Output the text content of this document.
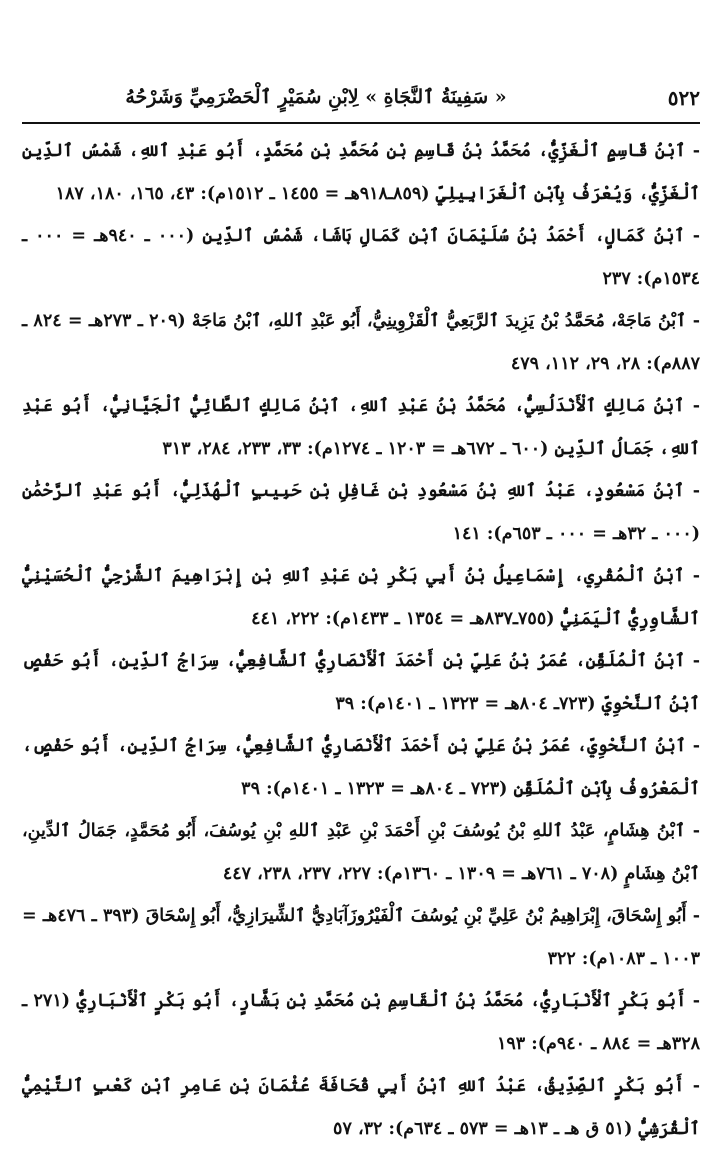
٥٢٢
« سَفِينَةُ ٱلنَّجَاةِ » لِابْنِ سُمَيْرٍ ٱلْحَضْرَمِيِّ وَشَرْحُهُ

- ٱبْنُ قَاسِمٍ ٱلْغَزِّيُّ، مُحَمَّدُ بْنُ قَاسِمِ بْنِ مُحَمَّدِ بْنِ مُحَمَّدٍ، أَبُو عَبْدِ ٱللهِ، شَمْسُ ٱلدِّينِ ٱلْغَزِّيُّ، وَيُعْرَفُ بِٱبْنِ ٱلْغَرَابِيلِيِّ (٨٥٩ـ٩١٨هـ = ١٤٥٥ ـ ١٥١٢م): ٤٣، ١٦٥، ١٨٠، ١٨٧

- ٱبْنُ كَمَالٍ، أَحْمَدُ بْنُ سُلَيْمَانَ ٱبْنِ كَمَالِ بَاشَا، شَمْسُ ٱلدِّينِ (٠٠٠ ـ ٩٤٠هـ = ٠٠٠ ـ ١٥٣٤م): ٢٣٧

- ٱبْنُ مَاجَهْ، مُحَمَّدُ بْنُ يَزِيدَ ٱلرَّبَعِيُّ ٱلْقَزْوِينِيُّ، أَبُو عَبْدِ ٱللهِ، ٱبْنُ مَاجَهْ (٢٠٩ ـ ٢٧٣هـ = ٨٢٤ ـ ٨٨٧م): ٢٨، ٢٩، ١١٢، ٤٧٩

- ٱبْنُ مَالِكٍ ٱلْأَنْدَلُسِيُّ، مُحَمَّدُ بْنُ عَبْدِ ٱللهِ، ٱبْنُ مَالِكٍ ٱلطَّائِيُّ ٱلْجَيَّانِيُّ، أَبُو عَبْدِ ٱللهِ، جَمَالُ ٱلدِّينِ (٦٠٠ ـ ٦٧٢هـ = ١٢٠٣ ـ ١٢٧٤م): ٣٣، ٢٣٣، ٢٨٤، ٣١٣

- ٱبْنُ مَسْعُودٍ، عَبْدُ ٱللهِ بْنُ مَسْعُودِ بْنِ غَافِلِ بْنِ حَبِيبٍ ٱلْهُذَلِيُّ، أَبُو عَبْدِ ٱلرَّحْمَٰنِ (٠٠٠ ـ ٣٢هـ = ٠٠٠ ـ ٦٥٣م): ١٤١

- ٱبْنُ ٱلْمُقْرِي، إِسْمَاعِيلُ بْنُ أَبِي بَكْرِ بْنِ عَبْدِ ٱللهِ بْنِ إِبْرَاهِيمَ ٱلشَّرْجِيُّ ٱلْحُسَيْنِيُّ ٱلشَّاوِرِيُّ ٱلْيَمَنِيُّ (٧٥٥ـ٨٣٧هـ = ١٣٥٤ ـ ١٤٣٣م): ٢٢٢، ٤٤١

- ٱبْنُ ٱلْمُلَقِّنِ، عُمَرُ بْنُ عَلِيِّ بْنِ أَحْمَدَ ٱلْأَنْصَارِيُّ ٱلشَّافِعِيُّ، سِرَاجُ ٱلدِّينِ، أَبُو حَفْصٍ ٱبْنُ ٱلنَّحْوِيِّ (٧٢٣ـ ٨٠٤هـ = ١٣٢٣ ـ ١٤٠١م): ٣٩

- ٱبْنُ ٱلنَّحْوِيِّ، عُمَرُ بْنُ عَلِيِّ بْنِ أَحْمَدَ ٱلْأَنْصَارِيُّ ٱلشَّافِعِيُّ، سِرَاجُ ٱلدِّينِ، أَبُو حَفْصٍ، ٱلْمَعْرُوفُ بِٱبْنِ ٱلْمُلَقِّنِ (٧٢٣ ـ ٨٠٤هـ = ١٣٢٣ ـ ١٤٠١م): ٣٩

- ٱبْنُ هِشَامٍ، عَبْدُ ٱللهِ بْنُ يُوسُفَ بْنِ أَحْمَدَ بْنِ عَبْدِ ٱللهِ بْنِ يُوسُفَ، أَبُو مُحَمَّدٍ، جَمَالُ ٱلدِّينِ، ٱبْنُ هِشَامٍ (٧٠٨ ـ ٧٦١هـ = ١٣٠٩ ـ ١٣٦٠م): ٢٢٧، ٢٣٧، ٢٣٨، ٤٤٧

- أَبُو إِسْحَاقَ، إِبْرَاهِيمُ بْنُ عَلِيِّ بْنِ يُوسُفَ ٱلْفَيْرُوزَآبَادِيُّ ٱلشِّيرَازِيُّ، أَبُو إِسْحَاقَ (٣٩٣ ـ ٤٧٦هـ = ١٠٠٣ ـ ١٠٨٣م): ٣٢٢

- أَبُو بَكْرٍ ٱلْأَنْبَارِيُّ، مُحَمَّدُ بْنُ ٱلْقَاسِمِ بْنِ مُحَمَّدِ بْنِ بَشَّارٍ، أَبُو بَكْرٍ ٱلْأَنْبَارِيُّ (٢٧١ ـ ٣٢٨هـ = ٨٨٤ ـ ٩٤٠م): ١٩٣

- أَبُو بَكْرٍ ٱلصِّدِّيقُ، عَبْدُ ٱللهِ ٱبْنُ أَبِي قُحَافَةَ عُثْمَانَ بْنِ عَامِرِ ٱبْنِ كَعْبٍ ٱلتَّيْمِيُّ ٱلْقُرَشِيُّ (٥١ ق هـ ـ ١٣هـ = ٥٧٣ ـ ٦٣٤م): ٣٢، ٥٧
